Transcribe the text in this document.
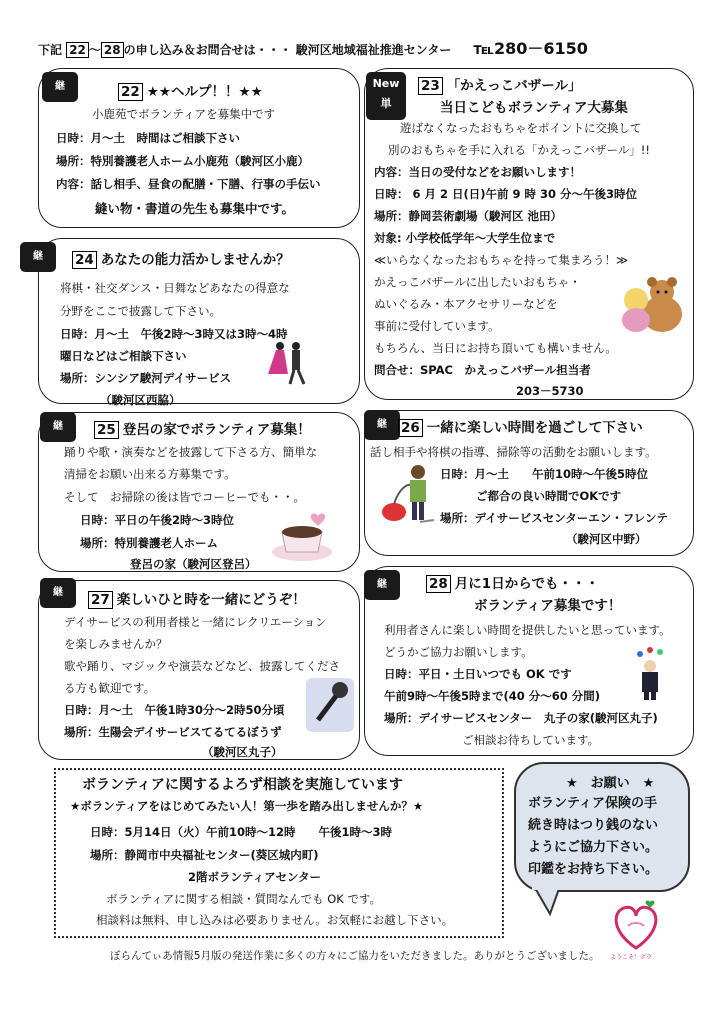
下記 22 ～ 28 の申し込み＆お問合せは・・・ 駿河区地域福祉推進センター ℡280－6150
継	22 ★★ヘルプ！！★★
小鹿苑でボランティアを募集中です
日時：月～土　時間はご相談下さい
場所：特別養護老人ホーム小鹿苑（駿河区小鹿）
内容：話し相手、昼食の配膳・下膳、行事の手伝い
縫い物・書道の先生も募集中です。
New
単
23 「かえっこバザール」
当日こどもボランティア大募集
遊ばなくなったおもちゃをポイントに交換して
別のおもちゃを手に入れる「かえっこバザール」!!
内容：当日の受付などをお願いします！
日時： 6 月 2 日(日)午前 9 時 30 分～午後3時位
場所：静岡芸術劇場（駿河区 池田）
対象: 小学校低学年～大学生位まで
≪いらなくなったおもちゃを持って集まろう！≫
かえっこバザールに出したいおもちゃ・
ぬいぐるみ・本アクセサリーなどを
事前に受付しています。
もちろん、当日にお持ち頂いても構いません。
問合せ：SPAC　かえっこバザール担当者
203－5730
継	24 あなたの能力活かしませんか？
将棋・社交ダンス・日舞などあなたの得意な
分野をここで披露して下さい。
日時：月～土　午後2時～3時又は3時～4時
曜日などはご相談下さい
場所：シンシア駿河デイサービス
（駿河区西脇）
継	25 登呂の家でボランティア募集！
踊りや歌・演奏などを披露して下さる方、簡単な
清掃をお願い出来る方募集です。
そして　お掃除の後は皆でコーヒーでも・・。
日時：平日の午後2時～3時位
場所：特別養護老人ホーム
登呂の家（駿河区登呂）
継	26 一緒に楽しい時間を過ごして下さい
話し相手や将棋の指導、掃除等の活動をお願いします。
日時：月～土　　午前10時～午後5時位
ご都合の良い時間でOKです
場所：デイサービスセンターエン・フレンテ
（駿河区中野）
継	27 楽しいひと時を一緒にどうぞ！
デイサービスの利用者様と一緒にレクリエーション
を楽しみませんか？
歌や踊り、マジックや演芸などなど、披露してくださ
る方も歓迎です。
日時：月～土　午後1時30分～2時50分頃
場所：生陽会デイサービスてるてるぼうず
（駿河区丸子）
継	28 月に1日からでも・・・
ボランティア募集です！
利用者さんに楽しい時間を提供したいと思っています。
どうかご協力お願いします。
日時：平日・土日いつでも OK です
午前9時～午後5時まで(40 分～60 分間)
場所：デイサービスセンター　丸子の家(駿河区丸子)
ご相談お待ちしています。
ボランティアに関するよろず相談を実施しています
★ボランティアをはじめてみたい人！第一歩を踏み出しませんか？★
日時：5月14日（火）午前10時～12時　　午後1時～3時
場所：静岡市中央福祉センター(葵区城内町)
2階ボランティアセンター
ボランティアに関する相談・質問なんでも OK です。
相談料は無料、申し込みは必要ありません。お気軽にお越し下さい。
★　お願い　★
ボランティア保険の手
続き時はつり銭のない
ようにご協力下さい。
印鑑をお持ち下さい。
ようこそ！ボラ
ぼらんてぃあ情報5月版の発送作業に多くの方々にご協力をいただきました。ありがとうございました。
